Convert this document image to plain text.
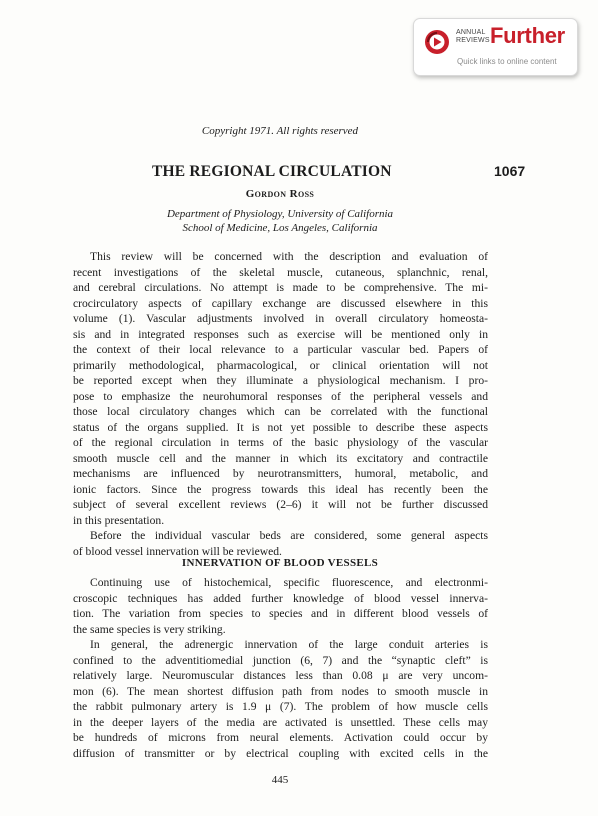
ANNUAL
REVIEWS Further
Quick links to online content
Copyright 1971. All rights reserved
THE REGIONAL CIRCULATION	1067
Gordon Ross
Department of Physiology, University of California
School of Medicine, Los Angeles, California
This review will be concerned with the description and evaluation of
recent investigations of the skeletal muscle, cutaneous, splanchnic, renal,
and cerebral circulations. No attempt is made to be comprehensive. The mi-
crocirculatory aspects of capillary exchange are discussed elsewhere in this
volume (1). Vascular adjustments involved in overall circulatory homeosta-
sis and in integrated responses such as exercise will be mentioned only in
the context of their local relevance to a particular vascular bed. Papers of
primarily methodological, pharmacological, or clinical orientation will not
be reported except when they illuminate a physiological mechanism. I pro-
pose to emphasize the neurohumoral responses of the peripheral vessels and
those local circulatory changes which can be correlated with the functional
status of the organs supplied. It is not yet possible to describe these aspects
of the regional circulation in terms of the basic physiology of the vascular
smooth muscle cell and the manner in which its excitatory and contractile
mechanisms are influenced by neurotransmitters, humoral, metabolic, and
ionic factors. Since the progress towards this ideal has recently been the
subject of several excellent reviews (2–6) it will not be further discussed
in this presentation.
Before the individual vascular beds are considered, some general aspects
of blood vessel innervation will be reviewed.
INNERVATION OF BLOOD VESSELS
Continuing use of histochemical, specific fluorescence, and electronmi-
croscopic techniques has added further knowledge of blood vessel innerva-
tion. The variation from species to species and in different blood vessels of
the same species is very striking.
In general, the adrenergic innervation of the large conduit arteries is
confined to the adventitiomedial junction (6, 7) and the “synaptic cleft” is
relatively large. Neuromuscular distances less than 0.08 μ are very uncom-
mon (6). The mean shortest diffusion path from nodes to smooth muscle in
the rabbit pulmonary artery is 1.9 μ (7). The problem of how muscle cells
in the deeper layers of the media are activated is unsettled. These cells may
be hundreds of microns from neural elements. Activation could occur by
diffusion of transmitter or by electrical coupling with excited cells in the
445
